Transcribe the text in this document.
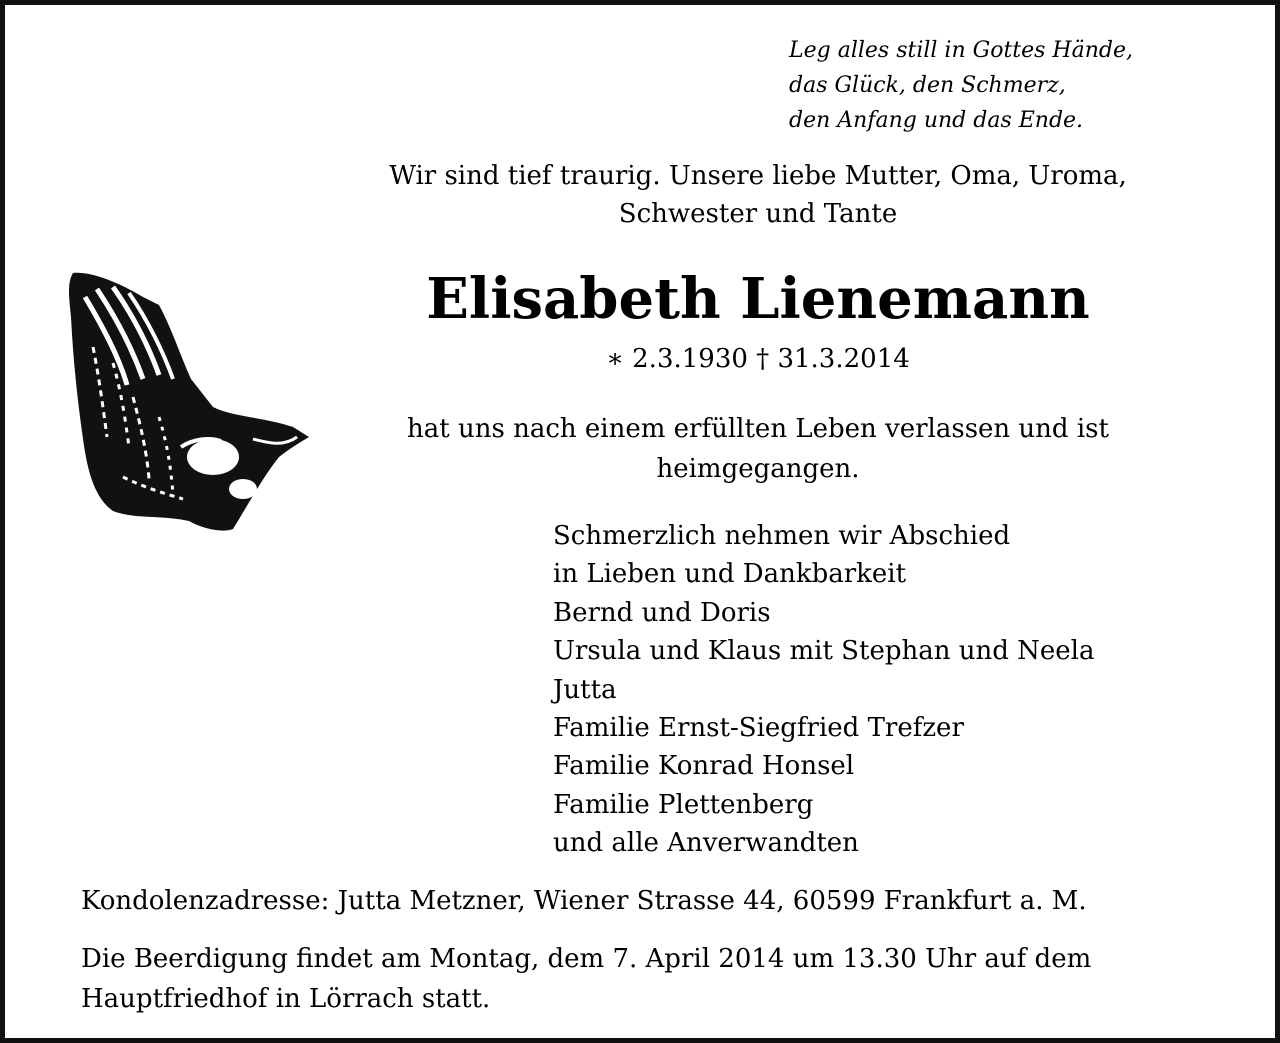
Leg alles still in Gottes Hände,
das Glück, den Schmerz,
den Anfang und das Ende.
Wir sind tief traurig. Unsere liebe Mutter, Oma, Uroma,
Schwester und Tante
Elisabeth Lienemann
∗ 2.3.1930 † 31.3.2014
hat uns nach einem erfüllten Leben verlassen und ist
heimgegangen.
Schmerzlich nehmen wir Abschied
in Lieben und Dankbarkeit
Bernd und Doris
Ursula und Klaus mit Stephan und Neela
Jutta
Familie Ernst-Siegfried Trefzer
Familie Konrad Honsel
Familie Plettenberg
und alle Anverwandten
Kondolenzadresse: Jutta Metzner, Wiener Strasse 44, 60599 Frankfurt a. M.
Die Beerdigung findet am Montag, dem 7. April 2014 um 13.30 Uhr auf dem
Hauptfriedhof in Lörrach statt.
